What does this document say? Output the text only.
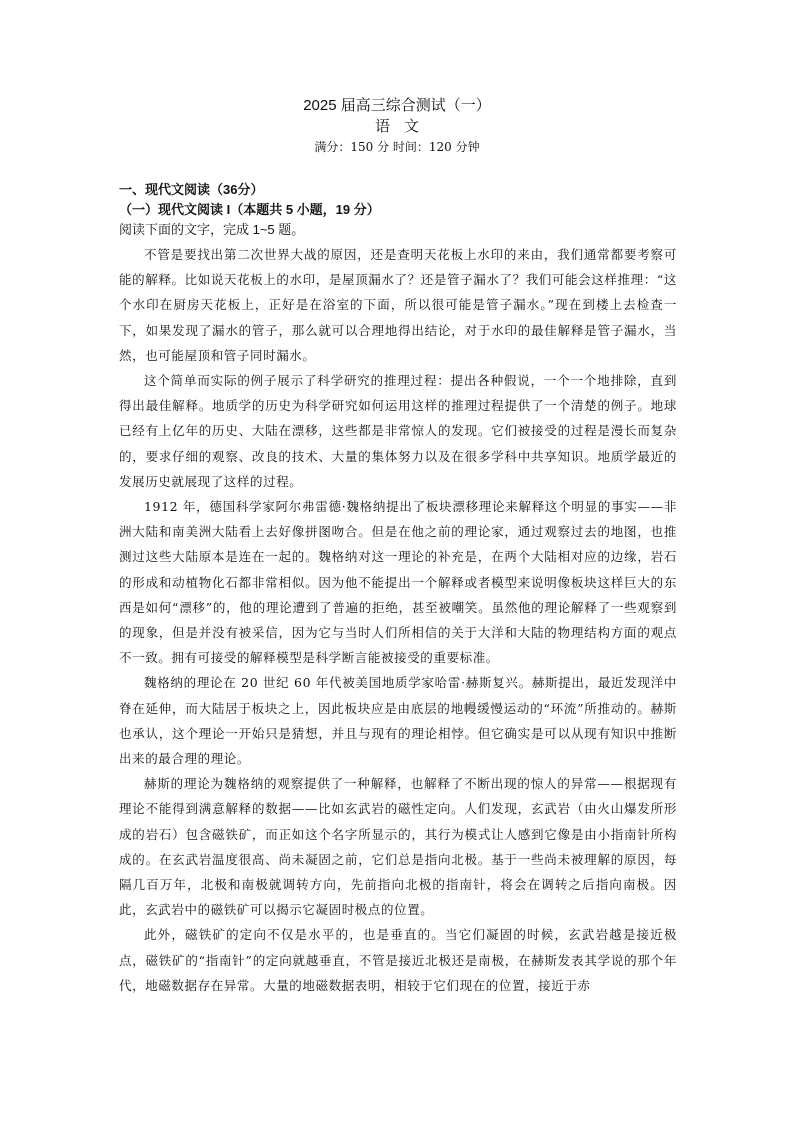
2025 届高三综合测试（一）
语文
满分：150 分 时间：120 分钟
一、现代文阅读（36分）
（一）现代文阅读 I（本题共 5 小题，19 分）
阅读下面的文字，完成 1~5 题。

不管是要找出第二次世界大战的原因，还是查明天花板上水印的来由，我们通常都要考察可能的解释。比如说天花板上的水印，是屋顶漏水了？还是管子漏水了？我们可能会这样推理：“这个水印在厨房天花板上，正好是在浴室的下面，所以很可能是管子漏水。”现在到楼上去检查一下，如果发现了漏水的管子，那么就可以合理地得出结论，对于水印的最佳解释是管子漏水，当然，也可能屋顶和管子同时漏水。

这个简单而实际的例子展示了科学研究的推理过程：提出各种假说，一个一个地排除，直到得出最佳解释。地质学的历史为科学研究如何运用这样的推理过程提供了一个清楚的例子。地球已经有上亿年的历史、大陆在漂移，这些都是非常惊人的发现。它们被接受的过程是漫长而复杂的，要求仔细的观察、改良的技术、大量的集体努力以及在很多学科中共享知识。地质学最近的发展历史就展现了这样的过程。

1912 年，德国科学家阿尔弗雷德·魏格纳提出了板块漂移理论来解释这个明显的事实——非洲大陆和南美洲大陆看上去好像拼图吻合。但是在他之前的理论家，通过观察过去的地图，也推测过这些大陆原本是连在一起的。魏格纳对这一理论的补充是，在两个大陆相对应的边缘，岩石的形成和动植物化石都非常相似。因为他不能提出一个解释或者模型来说明像板块这样巨大的东西是如何“漂移”的，他的理论遭到了普遍的拒绝，甚至被嘲笑。虽然他的理论解释了一些观察到的现象，但是并没有被采信，因为它与当时人们所相信的关于大洋和大陆的物理结构方面的观点不一致。拥有可接受的解释模型是科学断言能被接受的重要标准。

魏格纳的理论在 20 世纪 60 年代被美国地质学家哈雷·赫斯复兴。赫斯提出，最近发现洋中脊在延伸，而大陆居于板块之上，因此板块应是由底层的地幔缓慢运动的“环流”所推动的。赫斯也承认，这个理论一开始只是猜想，并且与现有的理论相悖。但它确实是可以从现有知识中推断出来的最合理的理论。

赫斯的理论为魏格纳的观察提供了一种解释，也解释了不断出现的惊人的异常——根据现有理论不能得到满意解释的数据——比如玄武岩的磁性定向。人们发现，玄武岩（由火山爆发所形成的岩石）包含磁铁矿，而正如这个名字所显示的，其行为模式让人感到它像是由小指南针所构成的。在玄武岩温度很高、尚未凝固之前，它们总是指向北极。基于一些尚未被理解的原因，每隔几百万年，北极和南极就调转方向，先前指向北极的指南针，将会在调转之后指向南极。因此，玄武岩中的磁铁矿可以揭示它凝固时极点的位置。

此外，磁铁矿的定向不仅是水平的，也是垂直的。当它们凝固的时候，玄武岩越是接近极点，磁铁矿的“指南针”的定向就越垂直，不管是接近北极还是南极，在赫斯发表其学说的那个年代，地磁数据存在异常。大量的地磁数据表明，相较于它们现在的位置，接近于赤
